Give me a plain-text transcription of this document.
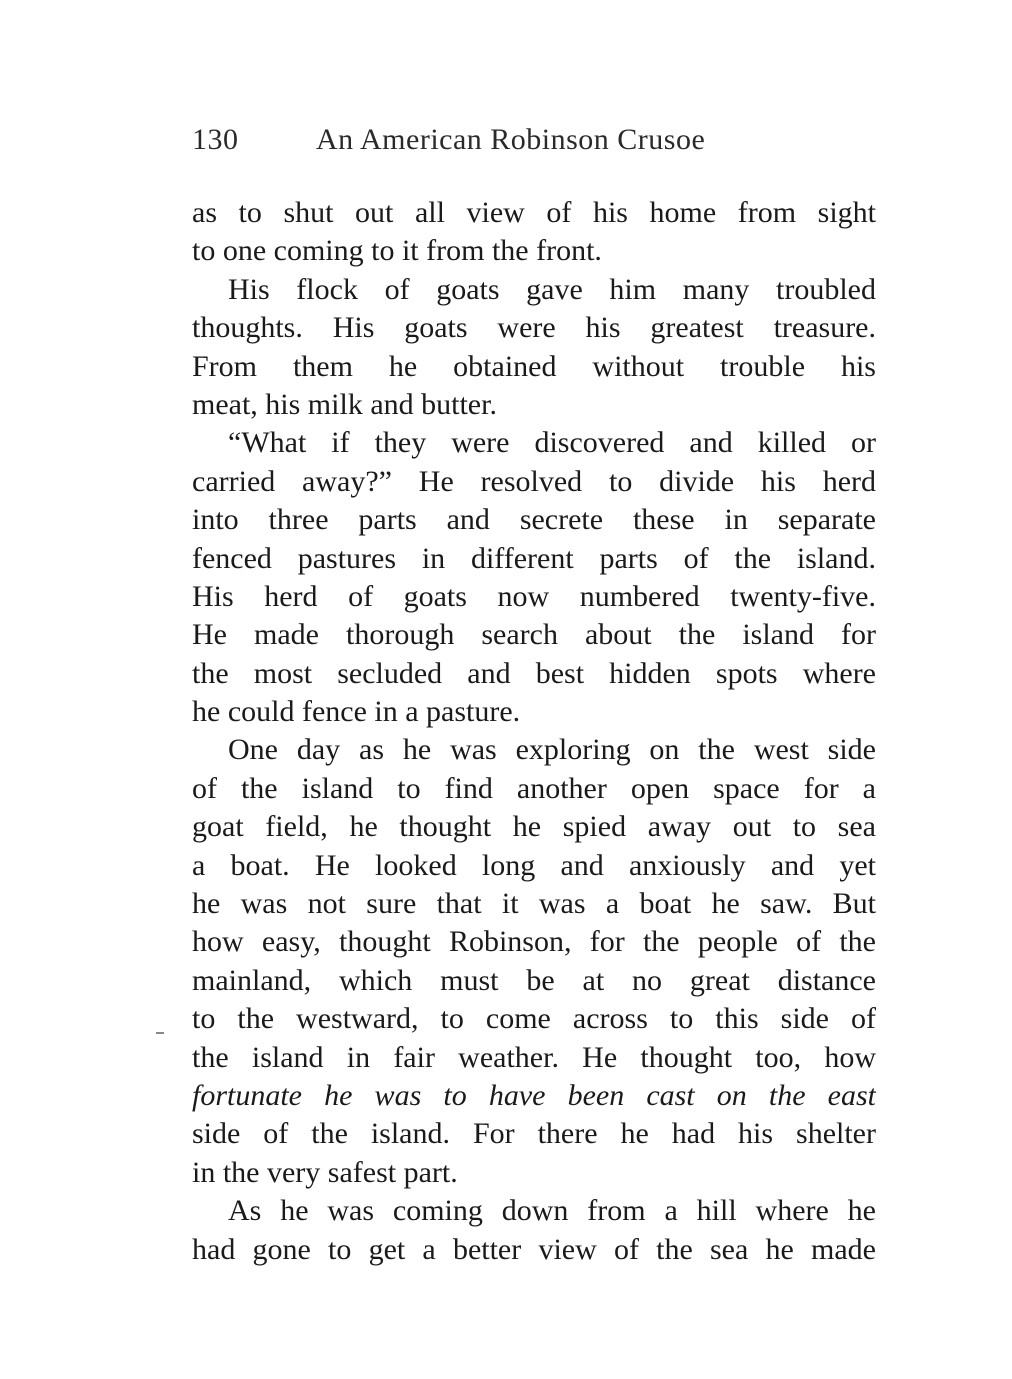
130	An American Robinson Crusoe
as to shut out all view of his home from sight
to one coming to it from the front.
His flock of goats gave him many troubled
thoughts. His goats were his greatest treasure.
From them he obtained without trouble his
meat, his milk and butter.
“What if they were discovered and killed or
carried away?” He resolved to divide his herd
into three parts and secrete these in separate
fenced pastures in different parts of the island.
His herd of goats now numbered twenty-five.
He made thorough search about the island for
the most secluded and best hidden spots where
he could fence in a pasture.
One day as he was exploring on the west side
of the island to find another open space for a
goat field, he thought he spied away out to sea
a boat. He looked long and anxiously and yet
he was not sure that it was a boat he saw. But
how easy, thought Robinson, for the people of the
mainland, which must be at no great distance
to the westward, to come across to this side of
the island in fair weather. He thought too, how
fortunate he was to have been cast on the east
side of the island. For there he had his shelter
in the very safest part.
As he was coming down from a hill where he
had gone to get a better view of the sea he made
